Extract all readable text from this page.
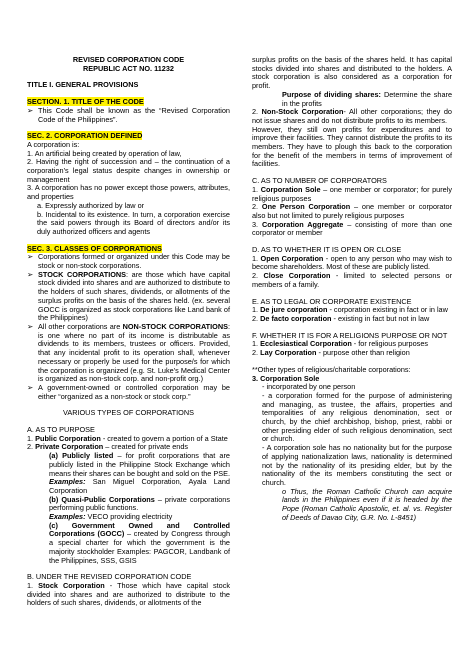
REVISED CORPORATION CODE
REPUBLIC ACT NO. 11232
TITLE I. GENERAL PROVISIONS
SECTION. 1. TITLE OF THE CODE
➢ This Code shall be known as the “Revised Corporation Code of the Philippines”.
SEC. 2. CORPORATION DEFINED
A corporation is:
1. An artificial being created by operation of law,
2. Having the right of succession and – the continuation of a corporation’s legal status despite changes in ownership or management
3. A corporation has no power except those powers, attributes, and properties
a. Expressly authorized by law or
b. Incidental to its existence. In turn, a corporation exercise the said powers through its Board of directors and/or its duly authorized officers and agents
SEC. 3. CLASSES OF CORPORATIONS
➢ Corporations formed or organized under this Code may be stock or non-stock corporations.
➢ STOCK CORPORATIONS: are those which have capital stock divided into shares and are authorized to distribute to the holders of such shares, dividends, or allotments of the surplus profits on the basis of the shares held. (ex. several GOCC is organized as stock corporations like Land bank of the Philippines)
➢ All other corporations are NON-STOCK CORPORATIONS: is one where no part of its income is distributable as dividends to its members, trustees or officers. Provided, that any incidental profit to its operation shall, whenever necessary or properly be used for the purpose/s for which the corporation is organized (e.g. St. Luke’s Medical Center is organized as non-stock corp. and non-profit org.)
➢ A government-owned or controlled corporation may be either “organized as a non-stock or stock corp.”
VARIOUS TYPES OF CORPORATIONS
A. AS TO PURPOSE
1. Public Corporation - created to govern a portion of a State
2. Private Corporation – created for private ends
(a) Publicly listed – for profit corporations that are publicly listed in the Philippine Stock Exchange which means their shares can be bought and sold on the PSE. Examples: San Miguel Corporation, Ayala Land Corporation
(b) Quasi-Public Corporations – private corporations performing public functions.
Examples: VECO providing electricity
(c) Government Owned and Controlled Corporations (GOCC) – created by Congress through a special charter for which the government is the majority stockholder Examples: PAGCOR, Landbank of the Philippines, SSS, GSIS
B. UNDER THE REVISED CORPORATION CODE
1. Stock Corporation - Those which have capital stock divided into shares and are authorized to distribute to the holders of such shares, dividends, or allotments of the
surplus profits on the basis of the shares held. It has capital stocks divided into shares and distributed to the holders. A stock corporation is also considered as a corporation for profit.
Purpose of dividing shares: Determine the share in the profits
2. Non-Stock Corporation- All other corporations; they do not issue shares and do not distribute profits to its members.
However, they still own profits for expenditures and to improve their facilities. They cannot distribute the profits to its members. They have to plough this back to the corporation for the benefit of the members in terms of improvement of facilities.
C. AS TO NUMBER OF CORPORATORS
1. Corporation Sole – one member or corporator; for purely religious purposes
2. One Person Corporation – one member or corporator also but not limited to purely religious purposes
3. Corporation Aggregate – consisting of more than one corporator or member
D. AS TO WHETHER IT IS OPEN OR CLOSE
1. Open Corporation - open to any person who may wish to become shareholders. Most of these are publicly listed.
2. Close Corporation - limited to selected persons or members of a family.
E. AS TO LEGAL OR CORPORATE EXISTENCE
1. De jure corporation - corporation existing in fact or in law
2. De facto corporation - existing in fact but not in law
F. WHETHER IT IS FOR A RELIGIONS PURPOSE OR NOT
1. Ecclesiastical Corporation - for religious purposes
2. Lay Corporation - purpose other than religion
**Other types of religious/charitable corporations:
3. Corporation Sole
- incorporated by one person
- a corporation formed for the purpose of administering and managing, as trustee, the affairs, properties and temporalities of any religious denomination, sect or church, by the chief archbishop, bishop, priest, rabbi or other presiding elder of such religious denomination, sect or church.
- A corporation sole has no nationality but for the purpose of applying nationalization laws, nationality is determined not by the nationality of its presiding elder, but by the nationality of the its members constituting the sect or church.
o Thus, the Roman Catholic Church can acquire lands in the Philippines even if it is headed by the Pope (Roman Catholic Apostolic, et. al. vs. Register of Deeds of Davao City, G.R. No. L-8451)
